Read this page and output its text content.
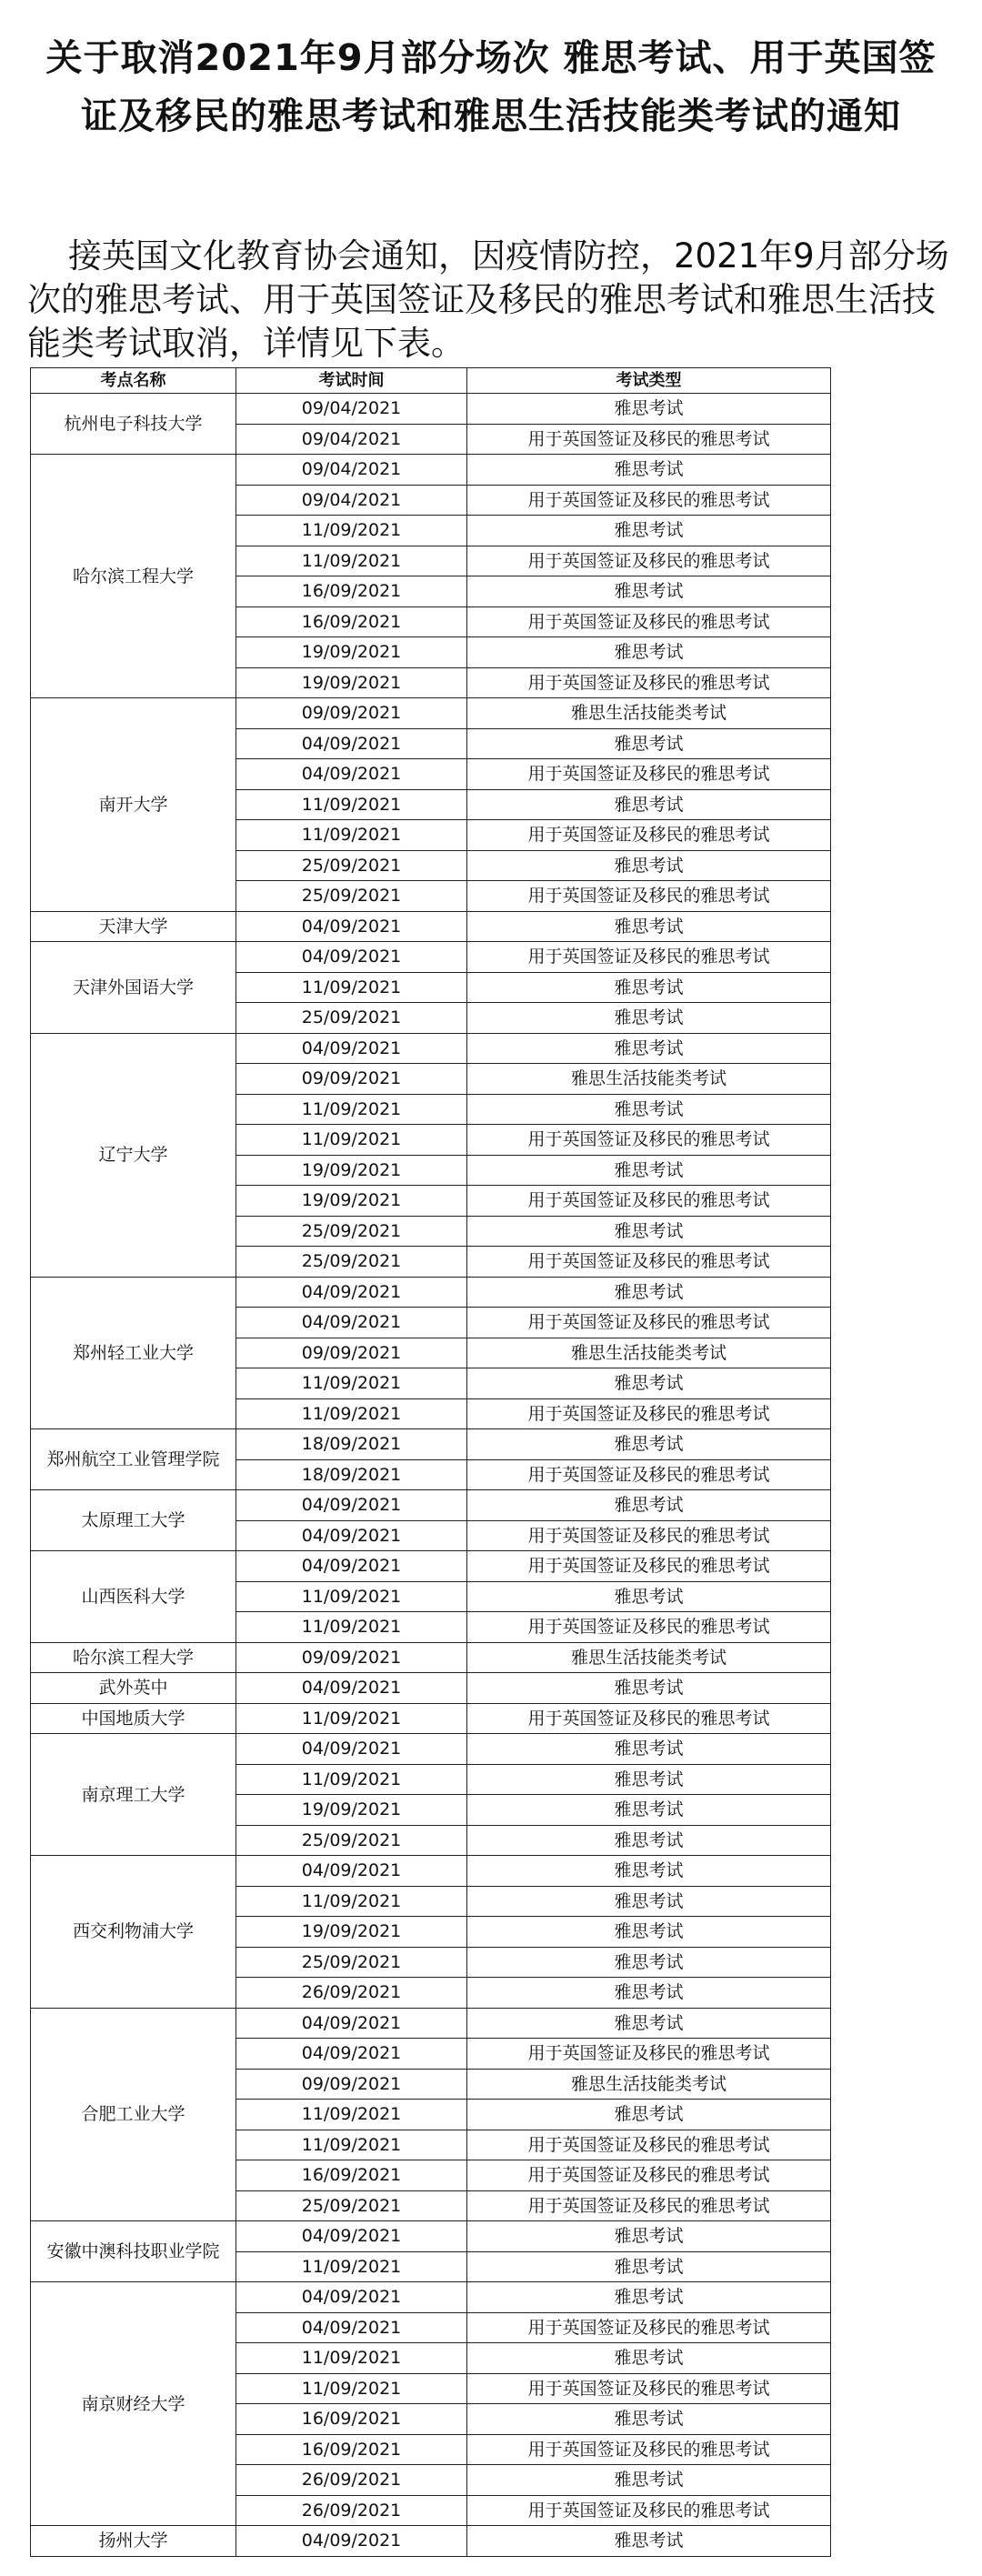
关于取消2021年9月部分场次 雅思考试、用于英国签证及移民的雅思考试和雅思生活技能类考试的通知

接英国文化教育协会通知，因疫情防控，2021年9月部分场次的雅思考试、用于英国签证及移民的雅思考试和雅思生活技能类考试取消，详情见下表。

考点名称	考试时间	考试类型
杭州电子科技大学	09/04/2021	雅思考试
	09/04/2021	用于英国签证及移民的雅思考试
哈尔滨工程大学	09/04/2021	雅思考试
	09/04/2021	用于英国签证及移民的雅思考试
	11/09/2021	雅思考试
	11/09/2021	用于英国签证及移民的雅思考试
	16/09/2021	雅思考试
	16/09/2021	用于英国签证及移民的雅思考试
	19/09/2021	雅思考试
	19/09/2021	用于英国签证及移民的雅思考试
南开大学	09/09/2021	雅思生活技能类考试
	04/09/2021	雅思考试
	04/09/2021	用于英国签证及移民的雅思考试
	11/09/2021	雅思考试
	11/09/2021	用于英国签证及移民的雅思考试
	25/09/2021	雅思考试
	25/09/2021	用于英国签证及移民的雅思考试
天津大学	04/09/2021	雅思考试
天津外国语大学	04/09/2021	用于英国签证及移民的雅思考试
	11/09/2021	雅思考试
	25/09/2021	雅思考试
辽宁大学	04/09/2021	雅思考试
	09/09/2021	雅思生活技能类考试
	11/09/2021	雅思考试
	11/09/2021	用于英国签证及移民的雅思考试
	19/09/2021	雅思考试
	19/09/2021	用于英国签证及移民的雅思考试
	25/09/2021	雅思考试
	25/09/2021	用于英国签证及移民的雅思考试
郑州轻工业大学	04/09/2021	雅思考试
	04/09/2021	用于英国签证及移民的雅思考试
	09/09/2021	雅思生活技能类考试
	11/09/2021	雅思考试
	11/09/2021	用于英国签证及移民的雅思考试
郑州航空工业管理学院	18/09/2021	雅思考试
	18/09/2021	用于英国签证及移民的雅思考试
太原理工大学	04/09/2021	雅思考试
	04/09/2021	用于英国签证及移民的雅思考试
山西医科大学	04/09/2021	用于英国签证及移民的雅思考试
	11/09/2021	雅思考试
	11/09/2021	用于英国签证及移民的雅思考试
哈尔滨工程大学	09/09/2021	雅思生活技能类考试
武外英中	04/09/2021	雅思考试
中国地质大学	11/09/2021	用于英国签证及移民的雅思考试
南京理工大学	04/09/2021	雅思考试
	11/09/2021	雅思考试
	19/09/2021	雅思考试
	25/09/2021	雅思考试
西交利物浦大学	04/09/2021	雅思考试
	11/09/2021	雅思考试
	19/09/2021	雅思考试
	25/09/2021	雅思考试
	26/09/2021	雅思考试
合肥工业大学	04/09/2021	雅思考试
	04/09/2021	用于英国签证及移民的雅思考试
	09/09/2021	雅思生活技能类考试
	11/09/2021	雅思考试
	11/09/2021	用于英国签证及移民的雅思考试
	16/09/2021	用于英国签证及移民的雅思考试
	25/09/2021	用于英国签证及移民的雅思考试
安徽中澳科技职业学院	04/09/2021	雅思考试
	11/09/2021	雅思考试
南京财经大学	04/09/2021	雅思考试
	04/09/2021	用于英国签证及移民的雅思考试
	11/09/2021	雅思考试
	11/09/2021	用于英国签证及移民的雅思考试
	16/09/2021	雅思考试
	16/09/2021	用于英国签证及移民的雅思考试
	26/09/2021	雅思考试
	26/09/2021	用于英国签证及移民的雅思考试
扬州大学	04/09/2021	雅思考试
